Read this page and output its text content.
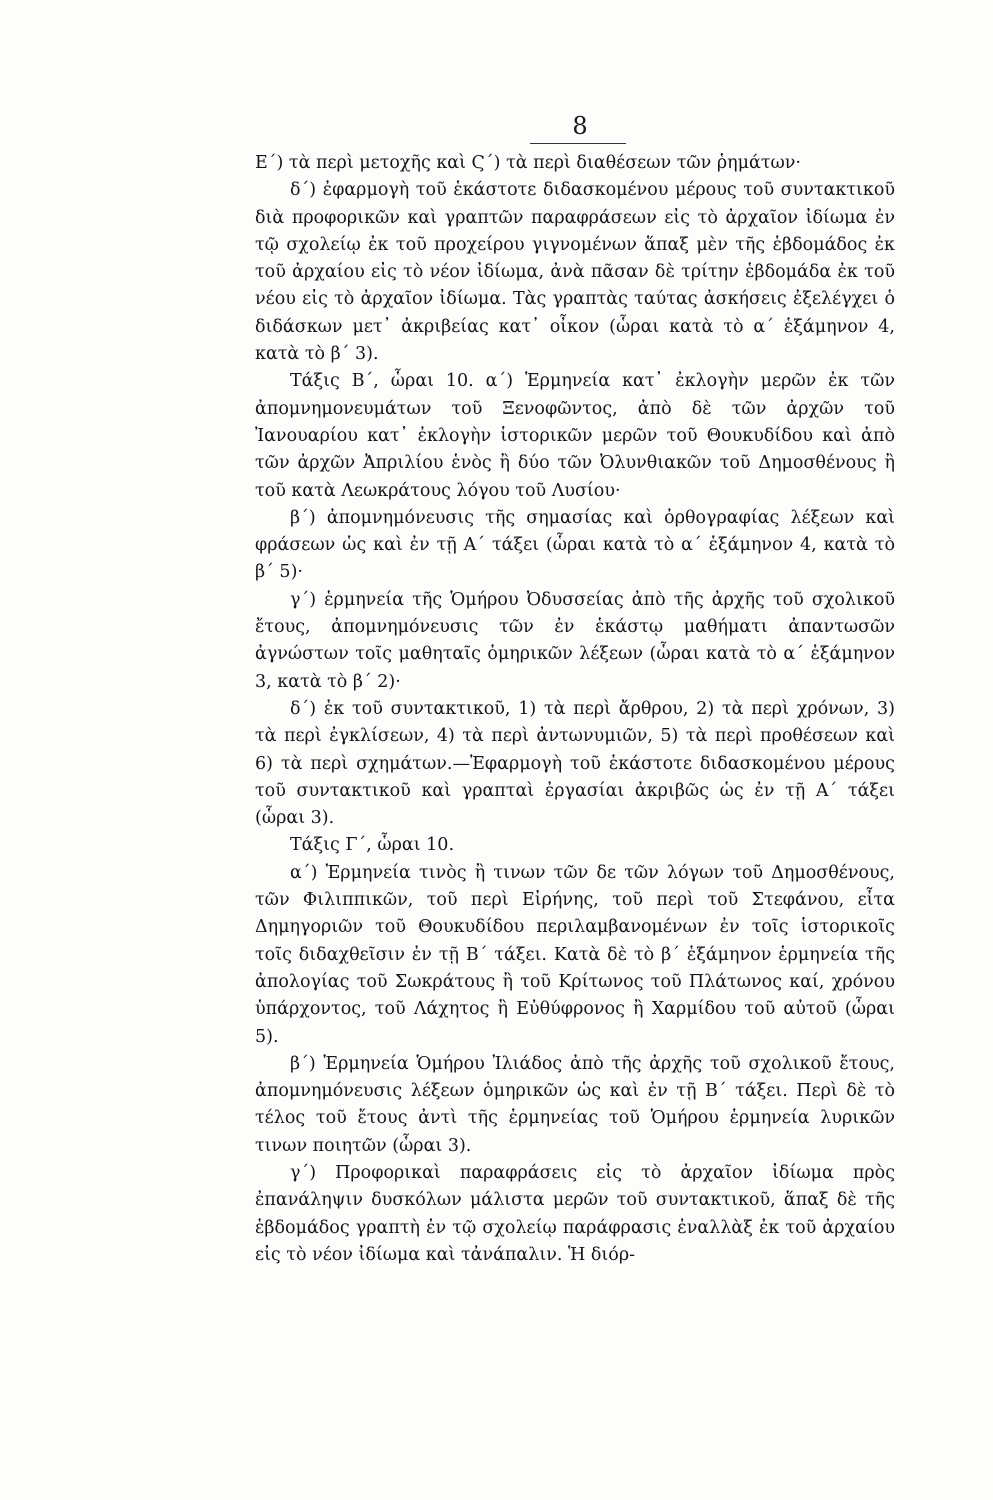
8

Ε΄) τὰ περὶ μετοχῆς καὶ Ϛ΄) τὰ περὶ διαθέσεων τῶν ῥημάτων·

δ΄) ἐφαρμογὴ τοῦ ἑκάστοτε διδασκομένου μέρους τοῦ συντακτικοῦ διὰ προφορικῶν καὶ γραπτῶν παραφράσεων εἰς τὸ ἀρχαῖον ἰδίωμα ἐν τῷ σχολείῳ ἐκ τοῦ προχείρου γιγνομένων ἅπαξ μὲν τῆς ἑβδομάδος ἐκ τοῦ ἀρχαίου εἰς τὸ νέον ἰδίωμα, ἀνὰ πᾶσαν δὲ τρίτην ἑβδομάδα ἐκ τοῦ νέου εἰς τὸ ἀρχαῖον ἰδίωμα. Τὰς γραπτὰς ταύτας ἀσκήσεις ἐξελέγχει ὁ διδάσκων μετ᾽ ἀκριβείας κατ᾽ οἶκον (ὧραι κατὰ τὸ α΄ ἑξάμηνον 4, κατὰ τὸ β΄ 3).

Τάξις Β΄, ὧραι 10. α΄) Ἑρμηνεία κατ᾽ ἐκλογὴν μερῶν ἐκ τῶν ἀπομνημονευμάτων τοῦ Ξενοφῶντος, ἀπὸ δὲ τῶν ἀρχῶν τοῦ Ἰανουαρίου κατ᾽ ἐκλογὴν ἱστορικῶν μερῶν τοῦ Θουκυδίδου καὶ ἀπὸ τῶν ἀρχῶν Ἀπριλίου ἑνὸς ἢ δύο τῶν Ὀλυνθιακῶν τοῦ Δημοσθένους ἢ τοῦ κατὰ Λεωκράτους λόγου τοῦ Λυσίου·

β΄) ἀπομνημόνευσις τῆς σημασίας καὶ ὀρθογραφίας λέξεων καὶ φράσεων ὡς καὶ ἐν τῇ Α΄ τάξει (ὧραι κατὰ τὸ α΄ ἑξάμηνον 4, κατὰ τὸ β΄ 5)·

γ΄) ἑρμηνεία τῆς Ὁμήρου Ὀδυσσείας ἀπὸ τῆς ἀρχῆς τοῦ σχολικοῦ ἔτους, ἀπομνημόνευσις τῶν ἐν ἑκάστῳ μαθήματι ἀπαντωσῶν ἀγνώστων τοῖς μαθηταῖς ὁμηρικῶν λέξεων (ὧραι κατὰ τὸ α΄ ἑξάμηνον 3, κατὰ τὸ β΄ 2)·

δ΄) ἐκ τοῦ συντακτικοῦ, 1) τὰ περὶ ἄρθρου, 2) τὰ περὶ χρόνων, 3) τὰ περὶ ἐγκλίσεων, 4) τὰ περὶ ἀντωνυμιῶν, 5) τὰ περὶ προθέσεων καὶ 6) τὰ περὶ σχημάτων.—Ἐφαρμογὴ τοῦ ἑκάστοτε διδασκομένου μέρους τοῦ συντακτικοῦ καὶ γραπταὶ ἐργασίαι ἀκριβῶς ὡς ἐν τῇ Α΄ τάξει (ὧραι 3).

Τάξις Γ΄, ὧραι 10.

α΄) Ἑρμηνεία τινὸς ἢ τινων τῶν δε τῶν λόγων τοῦ Δημοσθένους, τῶν Φιλιππικῶν, τοῦ περὶ Εἰρήνης, τοῦ περὶ τοῦ Στεφάνου, εἶτα Δημηγοριῶν τοῦ Θουκυδίδου περιλαμβανομένων ἐν τοῖς ἱστορικοῖς τοῖς διδαχθεῖσιν ἐν τῇ Β΄ τάξει. Κατὰ δὲ τὸ β΄ ἑξάμηνον ἑρμηνεία τῆς ἀπολογίας τοῦ Σωκράτους ἢ τοῦ Κρίτωνος τοῦ Πλάτωνος καί, χρόνου ὑπάρχοντος, τοῦ Λάχητος ἢ Εὐθύφρονος ἢ Χαρμίδου τοῦ αὐτοῦ (ὧραι 5).

β΄) Ἑρμηνεία Ὁμήρου Ἰλιάδος ἀπὸ τῆς ἀρχῆς τοῦ σχολικοῦ ἔτους, ἀπομνημόνευσις λέξεων ὁμηρικῶν ὡς καὶ ἐν τῇ Β΄ τάξει. Περὶ δὲ τὸ τέλος τοῦ ἔτους ἀντὶ τῆς ἑρμηνείας τοῦ Ὁμήρου ἑρμηνεία λυρικῶν τινων ποιητῶν (ὧραι 3).

γ΄) Προφορικαὶ παραφράσεις εἰς τὸ ἀρχαῖον ἰδίωμα πρὸς ἐπανάληψιν δυσκόλων μάλιστα μερῶν τοῦ συντακτικοῦ, ἅπαξ δὲ τῆς ἑβδομάδος γραπτὴ ἐν τῷ σχολείῳ παράφρασις ἐναλλὰξ ἐκ τοῦ ἀρχαίου εἰς τὸ νέον ἰδίωμα καὶ τἀνάπαλιν. Ἡ διόρ-
